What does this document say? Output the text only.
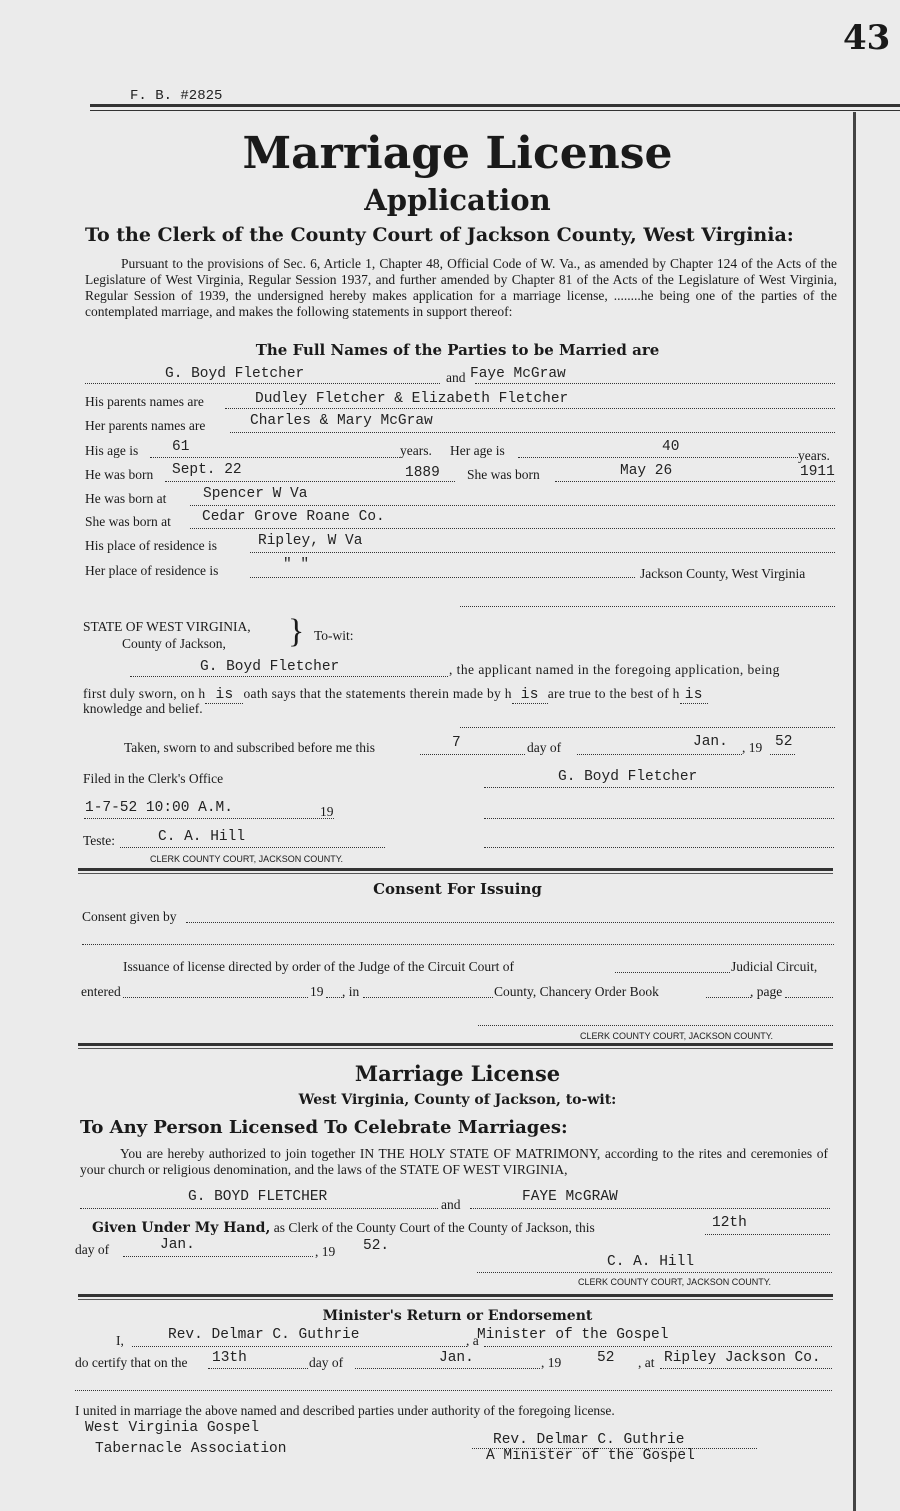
43
F. B. #2825
Marriage License
Application
To the Clerk of the County Court of Jackson County, West Virginia:
Pursuant to the provisions of Sec. 6, Article 1, Chapter 48, Official Code of W. Va., as amended by Chapter 124 of the Acts of the Legislature of West Virginia, Regular Session 1937, and further amended by Chapter 81 of the Acts of the Legislature of West Virginia, Regular Session of 1939, the undersigned hereby makes application for a marriage license, ........he being one of the parties of the contemplated marriage, and makes the following statements in support thereof:
The Full Names of the Parties to be Married are
G. Boyd Fletcher	and Faye McGraw
His parents names are	Dudley Fletcher & Elizabeth Fletcher
Her parents names are	Charles & Mary McGraw
His age is 61	years. Her age is	40
years.
He was born Sept. 22	1889 She was born	May 26	1911
He was born at	Spencer W Va
She was born at Cedar Grove Roane Co.
His place of residence is	Ripley, W Va
Her place of residence is	" "
Jackson County, West Virginia
STATE OF WEST VIRGINIA,
County of Jackson, } To-wit:
G. Boyd Fletcher	, the applicant named in the foregoing application, being
first duly sworn, on h is oath says that the statements therein made by h is are true to the best of h is
knowledge and belief.
Taken, sworn to and subscribed before me this	7	day of	Jan. , 19 52
Filed in the Clerk's Office	G. Boyd Fletcher
1-7-52 10:00 A.M.	19
Teste:	C. A. Hill
CLERK COUNTY COURT, JACKSON COUNTY.
Consent For Issuing
Consent given by
Issuance of license directed by order of the Judge of the Circuit Court of	Judicial Circuit,
entered	19 , in	County, Chancery Order Book	, page
CLERK COUNTY COURT, JACKSON COUNTY.
Marriage License
West Virginia, County of Jackson, to-wit:
To Any Person Licensed To Celebrate Marriages:
You are hereby authorized to join together IN THE HOLY STATE OF MATRIMONY, according to the rites and ceremonies of your church or religious denomination, and the laws of the STATE OF WEST VIRGINIA,
G. BOYD FLETCHER	and	FAYE McGRAW
Given Under My Hand, as Clerk of the County Court of the County of Jackson, this	12th
day of	Jan.	, 19 52.
C. A. Hill
CLERK COUNTY COURT, JACKSON COUNTY.
Minister's Return or Endorsement
I,	Rev. Delmar C. Guthrie	, a
Minister of the Gospel
do certify that on the 13th	day of	Jan.	, 19 52 , at Ripley Jackson Co.
I united in marriage the above named and described parties under authority of the foregoing license.
West Virginia Gospel
Tabernacle Association
Rev. Delmar C. Guthrie
A Minister of the Gospel
